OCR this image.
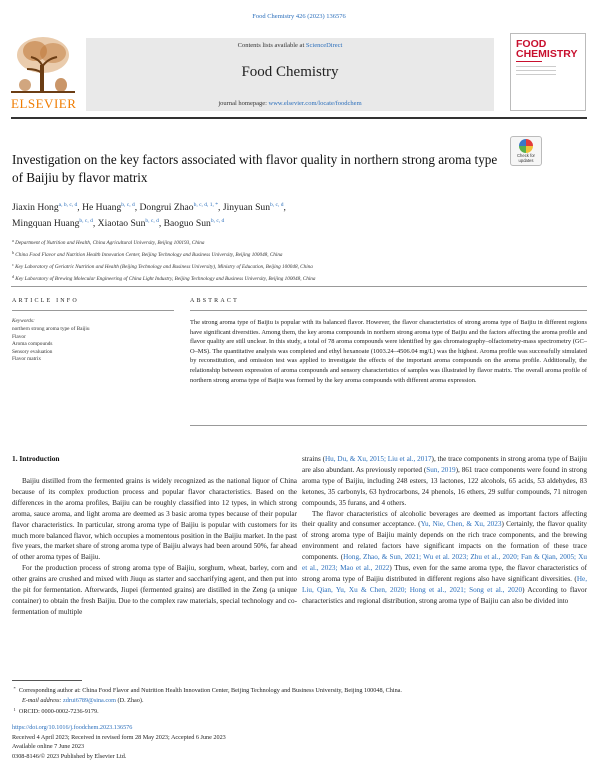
Food Chemistry 426 (2023) 136576
ELSEVIER
Contents lists available at ScienceDirect
Food Chemistry
journal homepage: www.elsevier.com/locate/foodchem
FOOD
CHEMISTRY
Investigation on the key factors associated with flavor quality in northern strong aroma type of Baijiu by flavor matrix
Check for
updates
Jiaxin Hong$^{a, b, c, d}$, He Huang$^{b, c, d}$, Dongrui Zhao$^{b, c, d, 1, *}$, Jinyuan Sun$^{b, c, d}$,
Mingquan Huang$^{b, c, d}$, Xiaotao Sun$^{b, c, d}$, Baoguo Sun$^{b, c, d}$
$^a$ Department of Nutrition and Health, China Agricultural University, Beijing 100193, China
$^b$ China Food Flavor and Nutrition Health Innovation Center, Beijing Technology and Business University, Beijing 100048, China
$^c$ Key Laboratory of Geriatric Nutrition and Health (Beijing Technology and Business University), Ministry of Education, Beijing 100048, China
$^d$ Key Laboratory of Brewing Molecular Engineering of China Light Industry, Beijing Technology and Business University, Beijing 100048, China
ARTICLE INFO
Keywords:
northern strong aroma type of Baijiu
Flavor
Aroma compounds
Sensory evaluation
Flavor matrix
ABSTRACT
The strong aroma type of Baijiu is popular with its balanced flavor. However, the flavor characteristics of strong aroma type of Baijiu in different regions have significant diversities. Among them, the key aroma compounds in northern strong aroma type of Baijiu and the factors affecting the aroma profile and flavor quality are still unclear. In this study, a total of 78 aroma compounds were identified by gas chromatography–olfactometry-mass spectrometry (GC–O–MS). The quantitative analysis was completed and ethyl hexanoate (1003.24–4506.04 mg/L) was the highest. Aroma profile was successfully simulated by reconstitution, and omission test was applied to investigate the effects of the important aroma compounds on the aroma profile. Additionally, the relationship between expression of aroma compounds and sensory characteristics of samples was illustrated by flavor matrix. The overall aroma profile of northern strong aroma type of Baijiu was formed by the key aroma compounds with different aroma expression.
1. Introduction

Baijiu distilled from the fermented grains is widely recognized as the national liquor of China because of its complex production process and popular flavor characteristics. Based on the differences in the aroma profiles, Baijiu can be roughly classified into 12 types, in which strong aroma, sauce aroma, and light aroma are deemed as 3 basic aroma types because of their popular flavor characteristics. In particular, strong aroma type of Baijiu is popular with customers for its much more balanced flavor, which occupies a momentous position in the Baijiu market. In the past five years, the market share of strong aroma type of Baijiu always had been around 50%, far ahead of other aroma types of Baijiu.

For the production process of strong aroma type of Baijiu, sorghum, wheat, barley, corn and other grains are crushed and mixed with Jiuqu as starter and saccharifying agent, and then put into the pit for fermentation. Afterwards, Jiupei (fermented grains) are distilled in the Zeng (a unique container) to obtain the fresh Baijiu. Due to the complex raw materials, special technology and co-fermentation of multiple

strains (Hu, Du, & Xu, 2015; Liu et al., 2017), the trace components in strong aroma type of Baijiu are also abundant. As previously reported (Sun, 2019), 861 trace components were found in strong aroma type of Baijiu, including 248 esters, 13 lactones, 122 alcohols, 65 acids, 53 aldehydes, 83 ketones, 35 carbonyls, 63 hydrocarbons, 24 phenols, 16 ethers, 29 sulfur compounds, 71 nitrogen compounds, 35 furans, and 4 others.

The flavor characteristics of alcoholic beverages are deemed as important factors affecting their quality and consumer acceptance. (Yu, Nie, Chen, & Xu, 2023) Certainly, the flavor quality of strong aroma type of Baijiu mainly depends on the rich trace components, and the brewing environment and related factors have significant impacts on the formation of these trace components. (Hong, Zhao, & Sun, 2021; Wu et al. 2023; Zhu et al., 2020; Fan & Qian, 2005; Xu et al., 2023; Mao et al., 2022) Thus, even for the same aroma type, the flavor characteristics of strong aroma type of Baijiu distributed in different regions also have significant diversities. (He, Liu, Qian, Yu, Xu & Chen, 2020; Hong et al., 2021; Song et al., 2020) According to flavor characteristics and regional distribution, strong aroma type of Baijiu can also be divided into

* Corresponding author at: China Food Flavor and Nutrition Health Innovation Center, Beijing Technology and Business University, Beijing 100048, China.
E-mail address: zdrui6789@sina.com (D. Zhao).
$^1$ ORCID: 0000-0002-7236-9179.
https://doi.org/10.1016/j.foodchem.2023.136576
Received 4 April 2023; Received in revised form 28 May 2023; Accepted 6 June 2023
Available online 7 June 2023
0308-8146/© 2023 Published by Elsevier Ltd.
